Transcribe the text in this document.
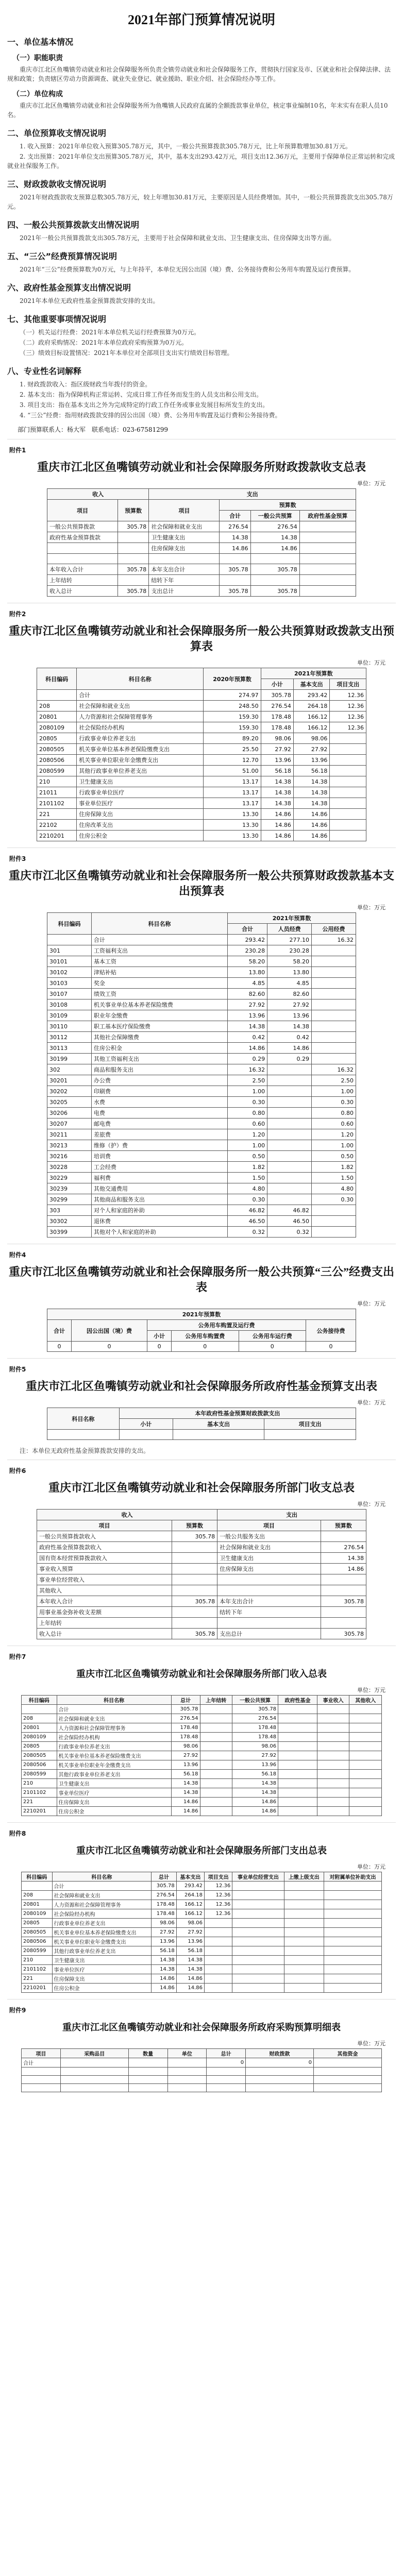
2021年部门预算情况说明
一、单位基本情况
（一）职能职责

重庆市江北区鱼嘴镇劳动就业和社会保障服务所负责全镇劳动就业和社会保障服务工作，贯彻执行国家及市、区就业和社会保障法律、法规和政策；负责辖区劳动力资源调查、就业失业登记、就业援助、职业介绍、社会保险经办等工作。

（二）单位构成

重庆市江北区鱼嘴镇劳动就业和社会保障服务所为鱼嘴镇人民政府直属的全额拨款事业单位，核定事业编制10名，年末实有在职人员10名。

二、单位预算收支情况说明

1. 收入预算：2021年单位收入预算305.78万元，其中，一般公共预算拨款305.78万元，比上年预算数增加30.81万元。

2. 支出预算：2021年单位支出预算305.78万元，其中，基本支出293.42万元，项目支出12.36万元，主要用于保障单位正常运转和完成就业社保服务工作。

三、财政拨款收支情况说明

2021年财政拨款收支预算总数305.78万元，较上年增加30.81万元，主要原因是人员经费增加。其中，一般公共预算拨款支出305.78万元。

四、一般公共预算拨款支出情况说明

2021年一般公共预算拨款支出305.78万元，主要用于社会保障和就业支出、卫生健康支出、住房保障支出等方面。

五、“三公”经费预算情况说明

2021年“三公”经费预算数为0万元，与上年持平，本单位无因公出国（境）费、公务接待费和公务用车购置及运行费预算。

六、政府性基金预算支出情况说明

2021年本单位无政府性基金预算拨款安排的支出。

七、其他重要事项情况说明

（一）机关运行经费：2021年本单位机关运行经费预算为0万元。

（二）政府采购情况：2021年本单位政府采购预算为0万元。

（三）绩效目标设置情况：2021年本单位对全部项目支出实行绩效目标管理。

八、专业性名词解释

1. 财政拨款收入：指区级财政当年拨付的资金。

2. 基本支出：指为保障机构正常运转、完成日常工作任务而发生的人员支出和公用支出。

3. 项目支出：指在基本支出之外为完成特定的行政工作任务或事业发展目标所发生的支出。

4. “三公”经费：指用财政拨款安排的因公出国（境）费、公务用车购置及运行费和公务接待费。

部门预算联系人：杨大军　联系电话：023-67581299
附件1
重庆市江北区鱼嘴镇劳动就业和社会保障服务所财政拨款收支总表
单位：万元
收入		支出			
项目	预算数	项目	预算数		
			合计	一般公共预算	政府性基金预算
一般公共预算拨款	305.78	社会保障和就业支出	276.54	276.54	
政府性基金预算拨款		卫生健康支出	14.38	14.38	
		住房保障支出	14.86	14.86	

本年收入合计	305.78	本年支出合计	305.78	305.78	
上年结转		结转下年			
收入总计	305.78	支出总计	305.78	305.78	
附件2
重庆市江北区鱼嘴镇劳动就业和社会保障服务所一般公共预算财政拨款支出预算表
单位：万元
科目编码	科目名称	2020年预算数	2021年预算数		
			小计	基本支出	项目支出
	合计	274.97	305.78	293.42	12.36
208	社会保障和就业支出	248.50	276.54	264.18	12.36
20801	人力资源和社会保障管理事务	159.30	178.48	166.12	12.36
2080109	社会保险经办机构	159.30	178.48	166.12	12.36
20805	行政事业单位养老支出	89.20	98.06	98.06	
2080505	机关事业单位基本养老保险缴费支出	25.50	27.92	27.92	
2080506	机关事业单位职业年金缴费支出	12.70	13.96	13.96	
2080599	其他行政事业单位养老支出	51.00	56.18	56.18	
210	卫生健康支出	13.17	14.38	14.38	
21011	行政事业单位医疗	13.17	14.38	14.38	
2101102	事业单位医疗	13.17	14.38	14.38	
221	住房保障支出	13.30	14.86	14.86	
22102	住房改革支出	13.30	14.86	14.86	
2210201	住房公积金	13.30	14.86	14.86	
附件3
重庆市江北区鱼嘴镇劳动就业和社会保障服务所一般公共预算财政拨款基本支出预算表
单位：万元
科目编码	科目名称	2021年预算数		
		合计	人员经费	公用经费
	合计	293.42	277.10	16.32
301	工资福利支出	230.28	230.28	
30101	基本工资	58.20	58.20	
30102	津贴补贴	13.80	13.80	
30103	奖金	4.85	4.85	
30107	绩效工资	82.60	82.60	
30108	机关事业单位基本养老保险缴费	27.92	27.92	
30109	职业年金缴费	13.96	13.96	
30110	职工基本医疗保险缴费	14.38	14.38	
30112	其他社会保障缴费	0.42	0.42	
30113	住房公积金	14.86	14.86	
30199	其他工资福利支出	0.29	0.29	
302	商品和服务支出	16.32		16.32
30201	办公费	2.50		2.50
30202	印刷费	1.00		1.00
30205	水费	0.30		0.30
30206	电费	0.80		0.80
30207	邮电费	0.60		0.60
30211	差旅费	1.20		1.20
30213	维修（护）费	1.00		1.00
30216	培训费	0.50		0.50
30228	工会经费	1.82		1.82
30229	福利费	1.50		1.50
30239	其他交通费用	4.80		4.80
30299	其他商品和服务支出	0.30		0.30
303	对个人和家庭的补助	46.82	46.82	
30302	退休费	46.50	46.50	
30399	其他对个人和家庭的补助	0.32	0.32	
附件4
重庆市江北区鱼嘴镇劳动就业和社会保障服务所一般公共预算“三公”经费支出表
单位：万元
2021年预算数					
合计	因公出国（境）费	公务用车购置及运行费			公务接待费
		小计	公务用车购置费	公务用车运行费	
0	0	0	0	0	0
附件5
重庆市江北区鱼嘴镇劳动就业和社会保障服务所政府性基金预算支出表
单位：万元
科目名称	本年政府性基金预算财政拨款支出		
	小计	基本支出	项目支出

注：本单位无政府性基金预算拨款安排的支出。

附件6
重庆市江北区鱼嘴镇劳动就业和社会保障服务所部门收支总表
单位：万元
收入		支出	
项目	预算数	项目	预算数
一般公共预算拨款收入	305.78	一般公共服务支出	
政府性基金预算拨款收入		社会保障和就业支出	276.54
国有资本经营预算拨款收入		卫生健康支出	14.38
事业收入预算		住房保障支出	14.86
事业单位经营收入			
其他收入			
本年收入合计	305.78	本年支出合计	305.78
用事业基金弥补收支差额		结转下年	
上年结转			
收入总计	305.78	支出总计	305.78
附件7
重庆市江北区鱼嘴镇劳动就业和社会保障服务所部门收入总表
单位：万元
科目编码	科目名称	总计	上年结转	一般公共预算	政府性基金	事业收入	其他收入
	合计	305.78		305.78			
208	社会保障和就业支出	276.54		276.54			
20801	人力资源和社会保障管理事务	178.48		178.48			
2080109	社会保险经办机构	178.48		178.48			
20805	行政事业单位养老支出	98.06		98.06			
2080505	机关事业单位基本养老保险缴费支出	27.92		27.92			
2080506	机关事业单位职业年金缴费支出	13.96		13.96			
2080599	其他行政事业单位养老支出	56.18		56.18			
210	卫生健康支出	14.38		14.38			
2101102	事业单位医疗	14.38		14.38			
221	住房保障支出	14.86		14.86			
2210201	住房公积金	14.86		14.86			
附件8
重庆市江北区鱼嘴镇劳动就业和社会保障服务所部门支出总表
单位：万元
科目编码	科目名称	总计	基本支出	项目支出	事业单位经营支出	上缴上级支出	对附属单位补助支出
	合计	305.78	293.42	12.36			
208	社会保障和就业支出	276.54	264.18	12.36			
20801	人力资源和社会保障管理事务	178.48	166.12	12.36			
2080109	社会保险经办机构	178.48	166.12	12.36			
20805	行政事业单位养老支出	98.06	98.06				
2080505	机关事业单位基本养老保险缴费支出	27.92	27.92				
2080506	机关事业单位职业年金缴费支出	13.96	13.96				
2080599	其他行政事业单位养老支出	56.18	56.18				
210	卫生健康支出	14.38	14.38				
2101102	事业单位医疗	14.38	14.38				
221	住房保障支出	14.86	14.86				
2210201	住房公积金	14.86	14.86				
附件9
重庆市江北区鱼嘴镇劳动就业和社会保障服务所政府采购预算明细表
单位：万元
项目	采购品目	数量	单位	总计	财政拨款	其他资金
合计				0	0	
